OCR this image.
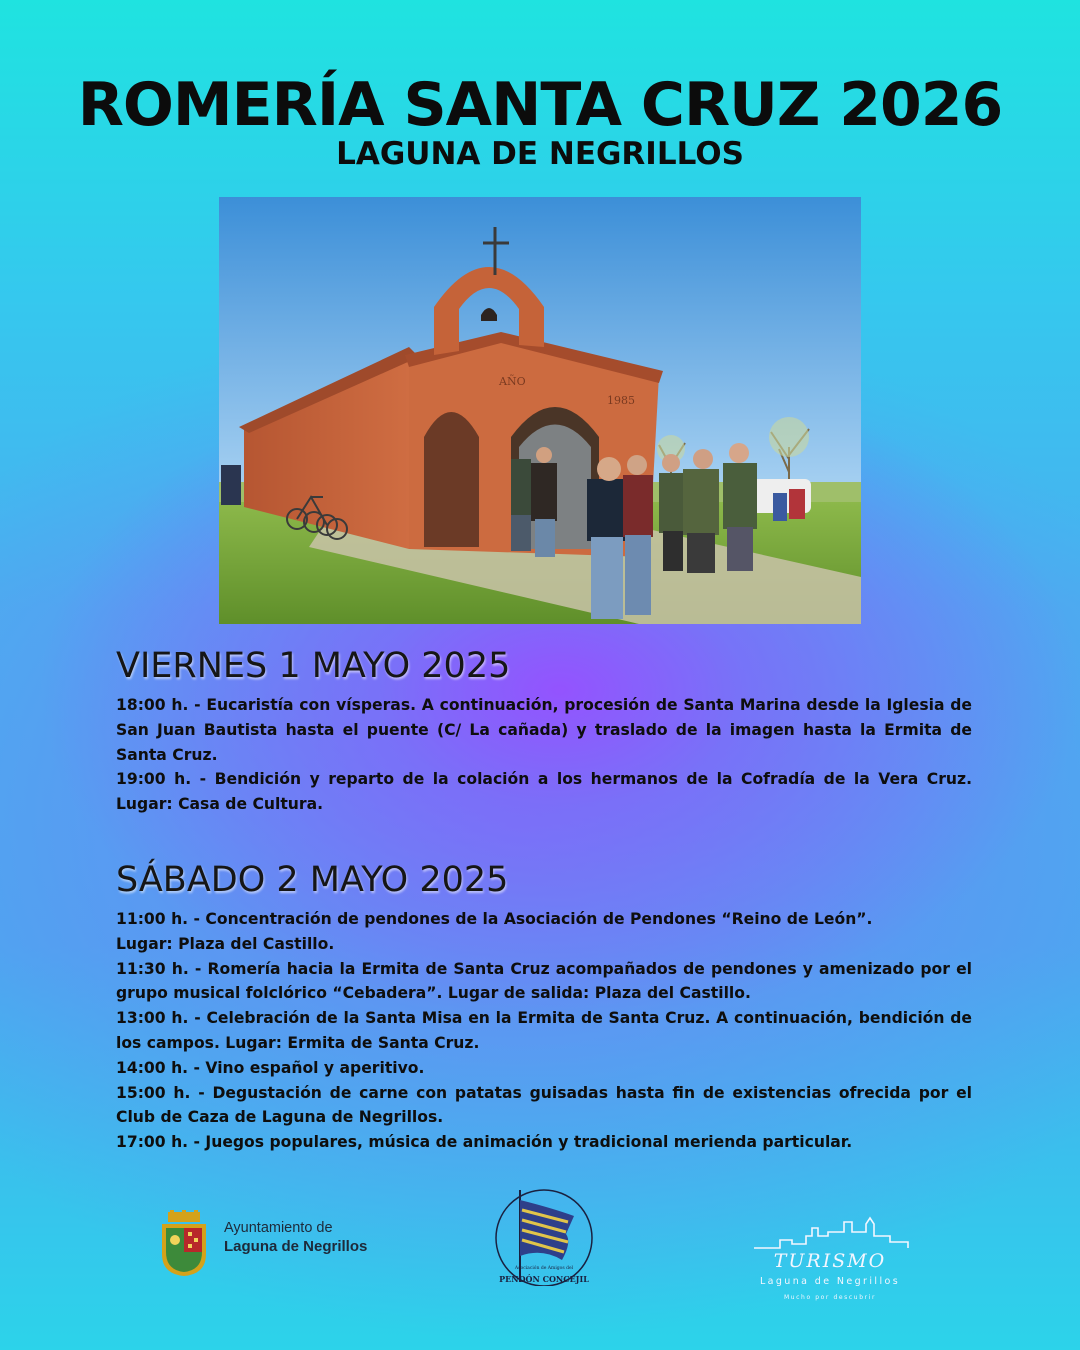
ROMERÍA SANTA CRUZ 2026
LAGUNA DE NEGRILLOS
AÑO
1985
VIERNES 1 MAYO 2025
18:00 h. - Eucaristía con vísperas. A continuación, procesión de Santa Marina desde la Iglesia de San Juan Bautista hasta el puente (C/ La cañada) y traslado de la imagen hasta la Ermita de Santa Cruz.
19:00 h. - Bendición y reparto de la colación a los hermanos de la Cofradía de la Vera Cruz. Lugar: Casa de Cultura.
SÁBADO 2 MAYO 2025
11:00 h. - Concentración de pendones de la Asociación de Pendones “Reino de León”.
Lugar: Plaza del Castillo.
11:30 h. - Romería hacia la Ermita de Santa Cruz acompañados de pendones y amenizado por el grupo musical folclórico “Cebadera”. Lugar de salida: Plaza del Castillo.
13:00 h. - Celebración de la Santa Misa en la Ermita de Santa Cruz. A continuación, bendición de los campos. Lugar: Ermita de Santa Cruz.
14:00 h. - Vino español y aperitivo.
15:00 h. - Degustación de carne con patatas guisadas hasta fin de existencias ofrecida por el Club de Caza de Laguna de Negrillos.
17:00 h. - Juegos populares, música de animación y tradicional merienda particular.
Ayuntamiento de
Laguna de Negrillos
Asociación de Amigos del
PENDÓN CONCEJIL
TURISMO
Laguna de Negrillos
Mucho por descubrir
